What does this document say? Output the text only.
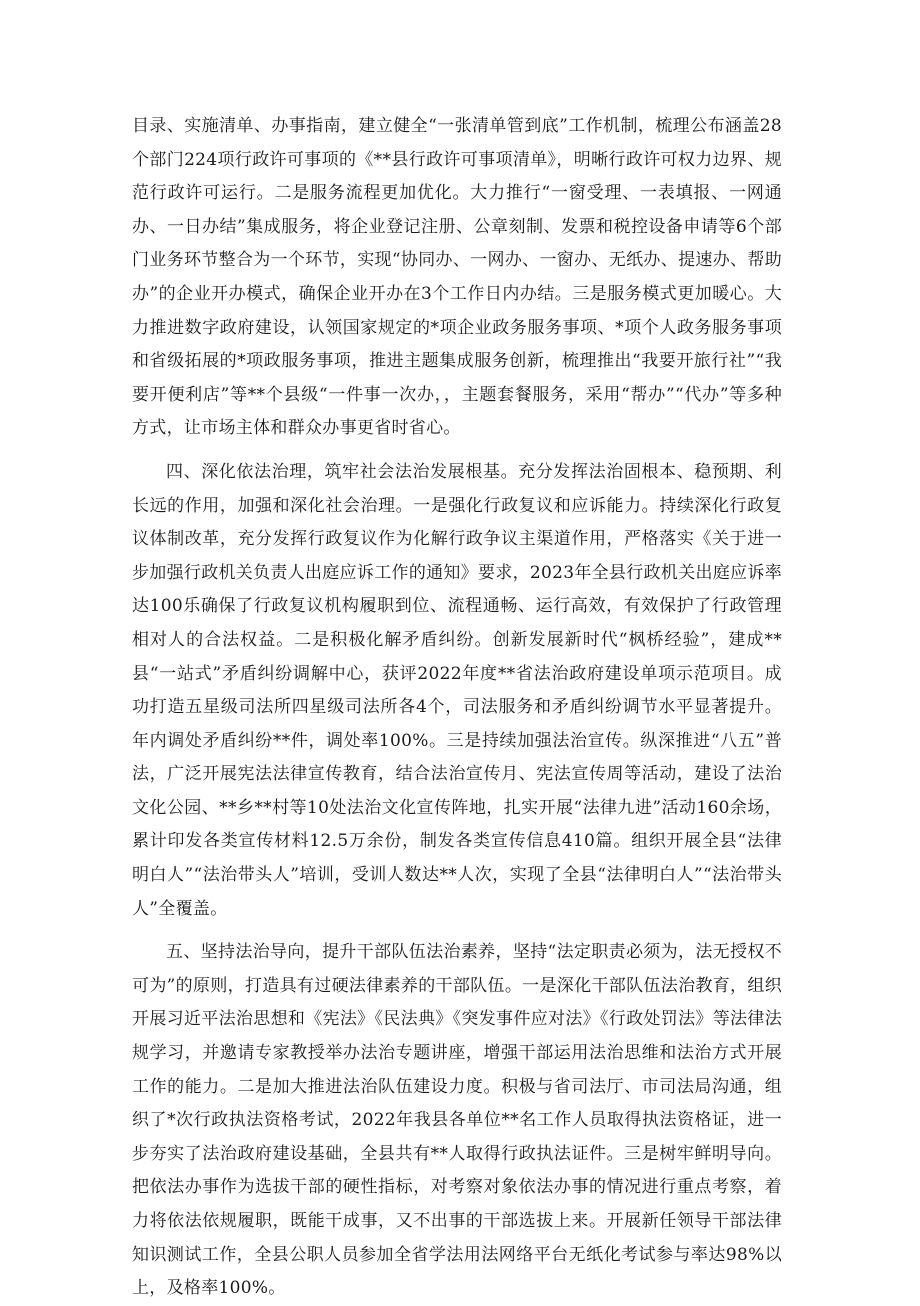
目录、实施清单、办事指南，建立健全“一张清单管到底”工作机制，梳理公布涵盖28个部门224项行政许可事项的《**县行政许可事项清单》，明晰行政许可权力边界、规范行政许可运行。二是服务流程更加优化。大力推行“一窗受理、一表填报、一网通办、一日办结”集成服务，将企业登记注册、公章刻制、发票和税控设备申请等6个部门业务环节整合为一个环节，实现“协同办、一网办、一窗办、无纸办、提速办、帮助办”的企业开办模式，确保企业开办在3个工作日内办结。三是服务模式更加暖心。大力推进数字政府建设，认领国家规定的*项企业政务服务事项、*项个人政务服务事项和省级拓展的*项政服务事项，推进主题集成服务创新，梳理推出“我要开旅行社”“我要开便利店”等**个县级“一件事一次办，，主题套餐服务，采用“帮办”“代办”等多种方式，让市场主体和群众办事更省时省心。

四、深化依法治理，筑牢社会法治发展根基。充分发挥法治固根本、稳预期、利长远的作用，加强和深化社会治理。一是强化行政复议和应诉能力。持续深化行政复议体制改革，充分发挥行政复议作为化解行政争议主渠道作用，严格落实《关于进一步加强行政机关负责人出庭应诉工作的通知》要求，2023年全县行政机关出庭应诉率达100乐确保了行政复议机构履职到位、流程通畅、运行高效，有效保护了行政管理相对人的合法权益。二是积极化解矛盾纠纷。创新发展新时代“枫桥经验”，建成**县“一站式”矛盾纠纷调解中心，获评2022年度**省法治政府建设单项示范项目。成功打造五星级司法所四星级司法所各4个，司法服务和矛盾纠纷调节水平显著提升。年内调处矛盾纠纷**件，调处率100%。三是持续加强法治宣传。纵深推进“八五”普法，广泛开展宪法法律宣传教育，结合法治宣传月、宪法宣传周等活动，建设了法治文化公园、**乡**村等10处法治文化宣传阵地，扎实开展“法律九进”活动160余场，累计印发各类宣传材料12.5万余份，制发各类宣传信息410篇。组织开展全县“法律明白人”“法治带头人”培训，受训人数达**人次，实现了全县“法律明白人”“法治带头人”全覆盖。

五、坚持法治导向，提升干部队伍法治素养，坚持“法定职责必须为，法无授权不可为”的原则，打造具有过硬法律素养的干部队伍。一是深化干部队伍法治教育，组织开展习近平法治思想和《宪法》《民法典》《突发事件应对法》《行政处罚法》等法律法规学习，并邀请专家教授举办法治专题讲座，增强干部运用法治思维和法治方式开展工作的能力。二是加大推进法治队伍建设力度。积极与省司法厅、市司法局沟通，组织了*次行政执法资格考试，2022年我县各单位**名工作人员取得执法资格证，进一步夯实了法治政府建设基础，全县共有**人取得行政执法证件。三是树牢鲜明导向。把依法办事作为选拔干部的硬性指标，对考察对象依法办事的情况进行重点考察，着力将依法依规履职，既能干成事，又不出事的干部选拔上来。开展新任领导干部法律知识测试工作，全县公职人员参加全省学法用法网络平台无纸化考试参与率达98%以上，及格率100%。
